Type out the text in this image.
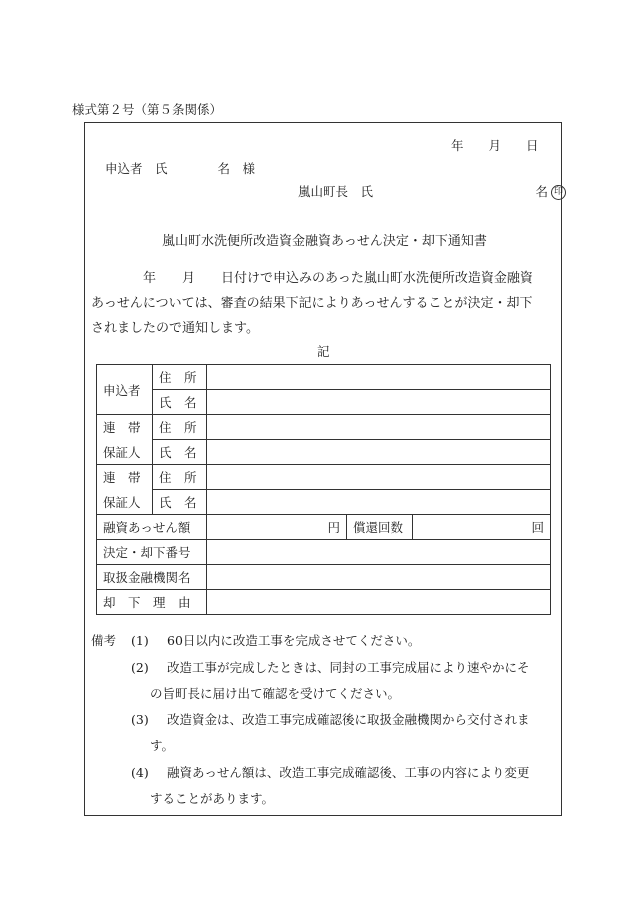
様式第２号（第５条関係）
年　　月　　日
申込者　氏　　　　名　様
嵐山町長　氏　　　　　　　　　　　　　名 印
嵐山町水洗便所改造資金融資あっせん決定・却下通知書
　　　　年　　月　　日付けで申込みのあった嵐山町水洗便所改造資金融資
あっせんについては、審査の結果下記によりあっせんすることが決定・却下
されましたので通知します。
記
申込者	住　所			
	氏　名			
連　帯	住　所			
保証人	氏　名			
連　帯	住　所			
保証人	氏　名			
融資あっせん額		円	償還回数	回
決定・却下番号				
取扱金融機関名				
却　下　理　由				
備考 (1) 60日以内に改造工事を完成させてください。
(2) 改造工事が完成したときは、同封の工事完成届により速やかにそ
の旨町長に届け出て確認を受けてください。
(3) 改造資金は、改造工事完成確認後に取扱金融機関から交付されま
す。
(4) 融資あっせん額は、改造工事完成確認後、工事の内容により変更
することがあります。
